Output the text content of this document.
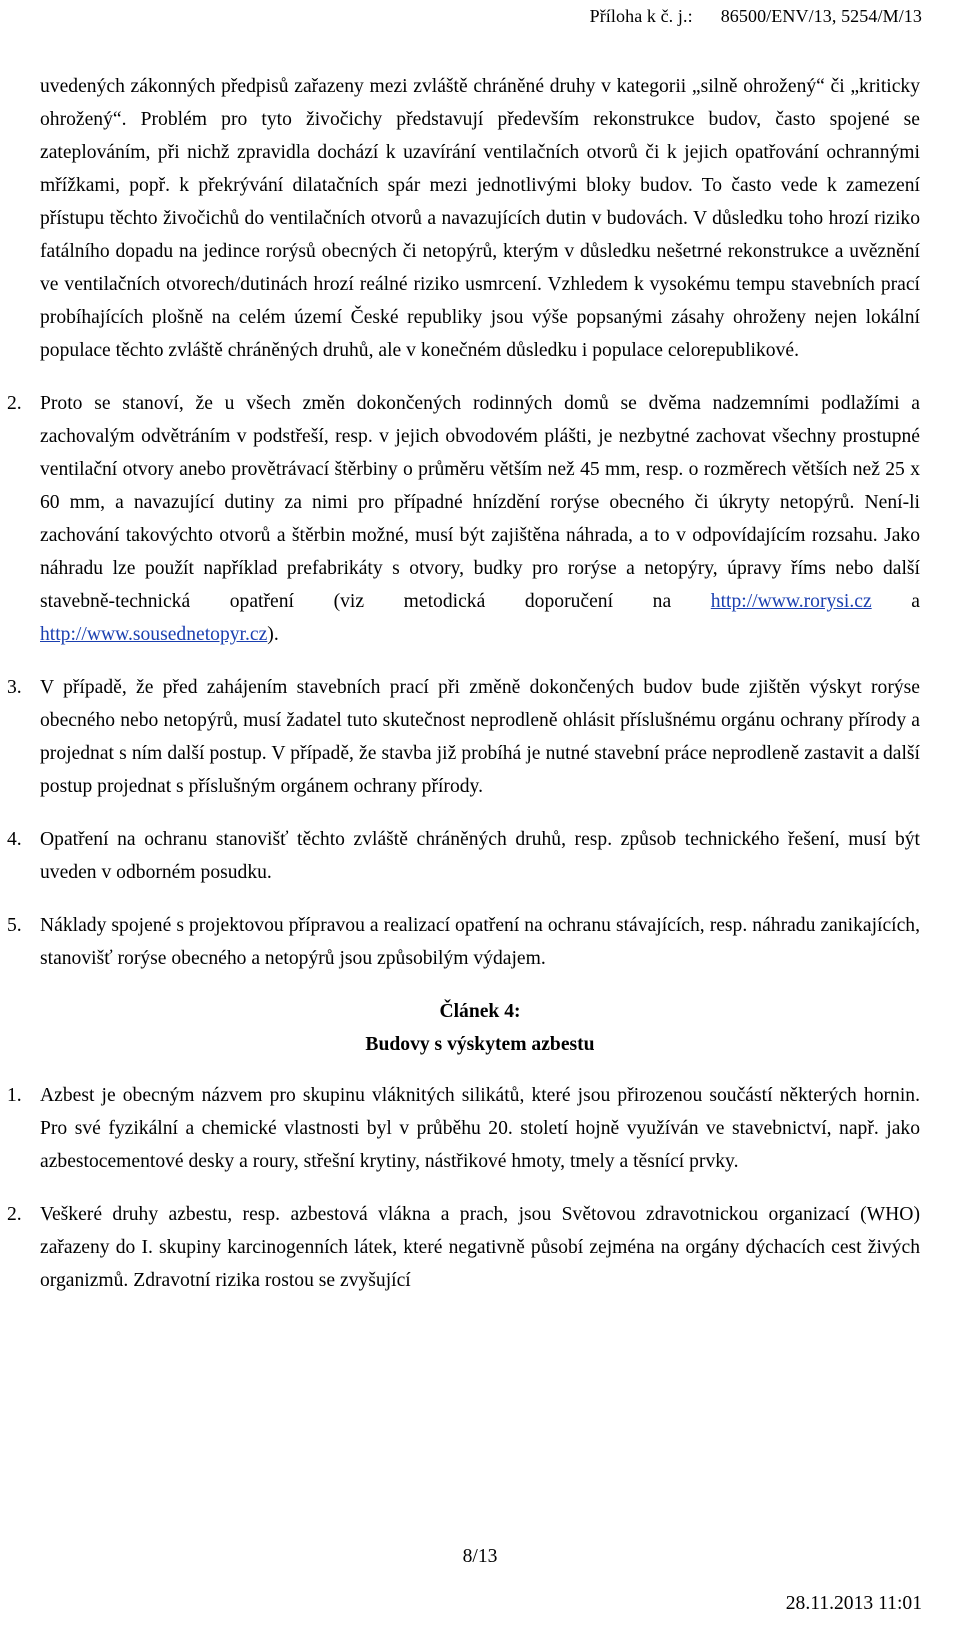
Příloha k č. j.: 86500/ENV/13, 5254/M/13

uvedených zákonných předpisů zařazeny mezi zvláště chráněné druhy v kategorii „silně ohrožený“ či „kriticky ohrožený“. Problém pro tyto živočichy představují především rekonstrukce budov, často spojené se zateplováním, při nichž zpravidla dochází k uzavírání ventilačních otvorů či k jejich opatřování ochrannými mřížkami, popř. k překrývání dilatačních spár mezi jednotlivými bloky budov. To často vede k zamezení přístupu těchto živočichů do ventilačních otvorů a navazujících dutin v budovách. V důsledku toho hrozí riziko fatálního dopadu na jedince rorýsů obecných či netopýrů, kterým v důsledku nešetrné rekonstrukce a uvěznění ve ventilačních otvorech/dutinách hrozí reálné riziko usmrcení. Vzhledem k vysokému tempu stavebních prací probíhajících plošně na celém území České republiky jsou výše popsanými zásahy ohroženy nejen lokální populace těchto zvláště chráněných druhů, ale v konečném důsledku i populace celorepublikové.

2. Proto se stanoví, že u všech změn dokončených rodinných domů se dvěma nadzemními podlažími a zachovalým odvětráním v podstřeší, resp. v jejich obvodovém plášti, je nezbytné zachovat všechny prostupné ventilační otvory anebo provětrávací štěrbiny o průměru větším než 45 mm, resp. o rozměrech větších než 25 x 60 mm, a navazující dutiny za nimi pro případné hnízdění rorýse obecného či úkryty netopýrů. Není-li zachování takovýchto otvorů a štěrbin možné, musí být zajištěna náhrada, a to v odpovídajícím rozsahu. Jako náhradu lze použít například prefabrikáty s otvory, budky pro rorýse a netopýry, úpravy říms nebo další stavebně-technická opatření (viz metodická doporučení na http://www.rorysi.cz a http://www.sousednetopyr.cz).

3. V případě, že před zahájením stavebních prací při změně dokončených budov bude zjištěn výskyt rorýse obecného nebo netopýrů, musí žadatel tuto skutečnost neprodleně ohlásit příslušnému orgánu ochrany přírody a projednat s ním další postup. V případě, že stavba již probíhá je nutné stavební práce neprodleně zastavit a další postup projednat s příslušným orgánem ochrany přírody.

4. Opatření na ochranu stanovišť těchto zvláště chráněných druhů, resp. způsob technického řešení, musí být uveden v odborném posudku.

5. Náklady spojené s projektovou přípravou a realizací opatření na ochranu stávajících, resp. náhradu zanikajících, stanovišť rorýse obecného a netopýrů jsou způsobilým výdajem.

Článek 4:
Budovy s výskytem azbestu
1. Azbest je obecným názvem pro skupinu vláknitých silikátů, které jsou přirozenou součástí některých hornin. Pro své fyzikální a chemické vlastnosti byl v průběhu 20. století hojně využíván ve stavebnictví, např. jako azbestocementové desky a roury, střešní krytiny, nástřikové hmoty, tmely a těsnící prvky.

2. Veškeré druhy azbestu, resp. azbestová vlákna a prach, jsou Světovou zdravotnickou organizací (WHO) zařazeny do I. skupiny karcinogenních látek, které negativně působí zejména na orgány dýchacích cest živých organizmů. Zdravotní rizika rostou se zvyšující

8/13
28.11.2013 11:01
